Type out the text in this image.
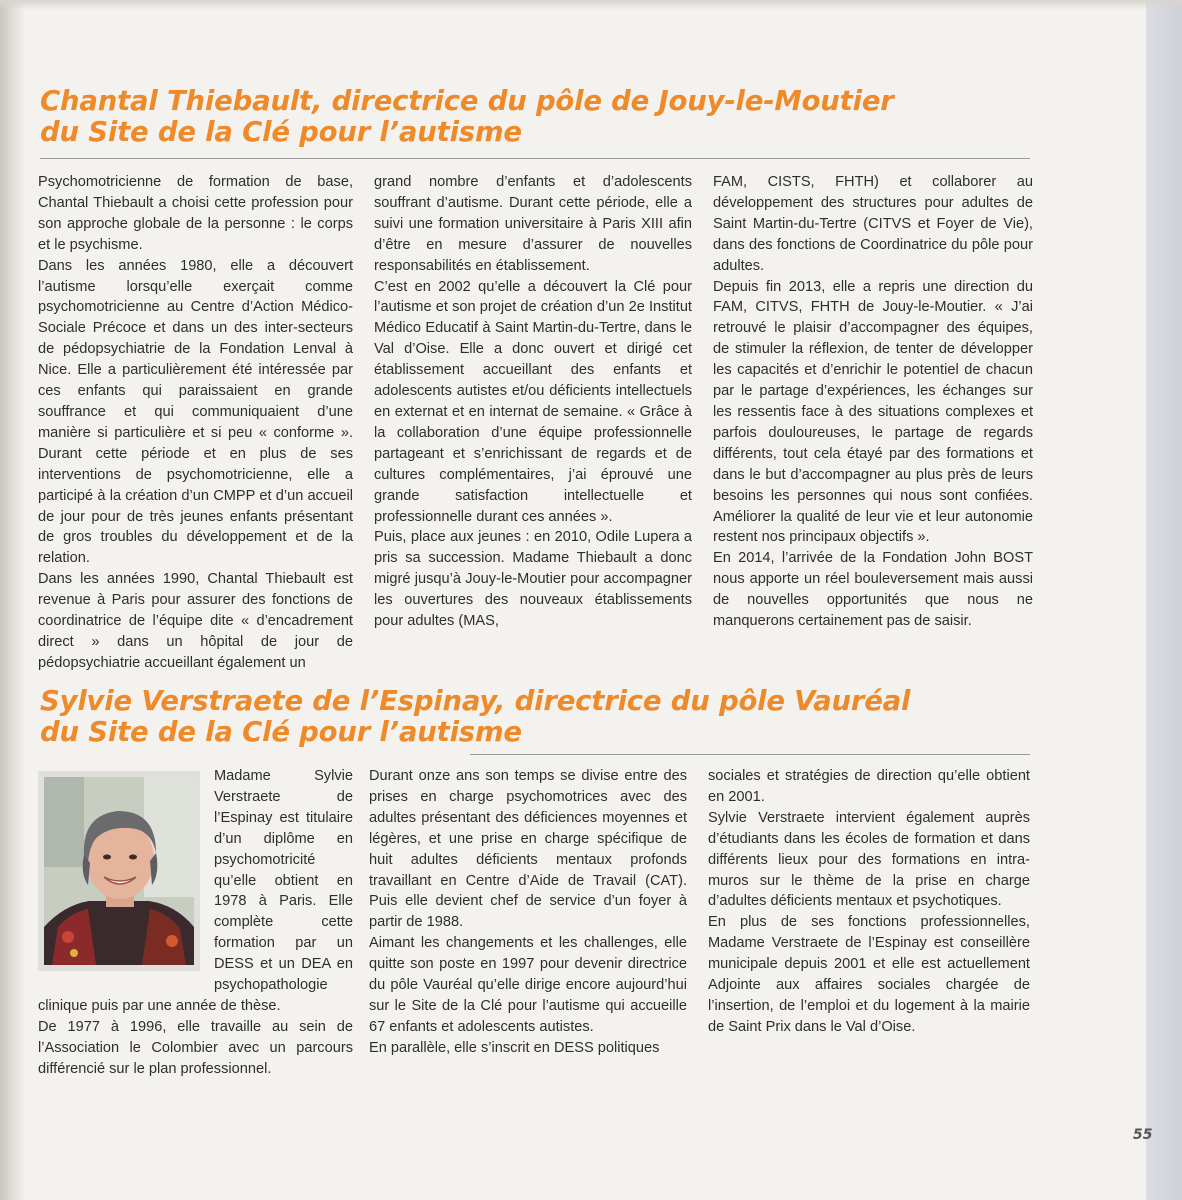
Chantal Thiebault, directrice du pôle de Jouy-le-Moutier
du Site de la Clé pour l’autisme

Psychomotricienne de formation de base, Chantal Thiebault a choisi cette profession pour son approche globale de la personne : le corps et le psychisme.

Dans les années 1980, elle a découvert l’autisme lorsqu’elle exerçait comme psychomotricienne au Centre d’Action Médico-Sociale Précoce et dans un des inter-secteurs de pédopsychiatrie de la Fondation Lenval à Nice. Elle a particulièrement été intéressée par ces enfants qui paraissaient en grande souffrance et qui communiquaient d’une manière si particulière et si peu « conforme ». Durant cette période et en plus de ses interventions de psychomotricienne, elle a participé à la création d’un CMPP et d’un accueil de jour pour de très jeunes enfants présentant de gros troubles du développement et de la relation.

Dans les années 1990, Chantal Thiebault est revenue à Paris pour assurer des fonctions de coordinatrice de l’équipe dite « d’encadrement direct » dans un hôpital de jour de pédopsychiatrie accueillant également un

grand nombre d’enfants et d’adolescents souffrant d’autisme. Durant cette période, elle a suivi une formation universitaire à Paris XIII afin d’être en mesure d’assurer de nouvelles responsabilités en établissement.

C’est en 2002 qu’elle a découvert la Clé pour l’autisme et son projet de création d’un 2e Institut Médico Educatif à Saint Martin-du-Tertre, dans le Val d’Oise. Elle a donc ouvert et dirigé cet établissement accueillant des enfants et adolescents autistes et/ou déficients intellectuels en externat et en internat de semaine. « Grâce à la collaboration d’une équipe professionnelle partageant et s’enrichissant de regards et de cultures complémentaires, j’ai éprouvé une grande satisfaction intellectuelle et professionnelle durant ces années ».

Puis, place aux jeunes : en 2010, Odile Lupera a pris sa succession. Madame Thiebault a donc migré jusqu’à Jouy-le-Moutier pour accompagner les ouvertures des nouveaux établissements pour adultes (MAS,

FAM, CISTS, FHTH) et collaborer au développement des structures pour adultes de Saint Martin-du-Tertre (CITVS et Foyer de Vie), dans des fonctions de Coordinatrice du pôle pour adultes.

Depuis fin 2013, elle a repris une direction du FAM, CITVS, FHTH de Jouy-le-Moutier. « J’ai retrouvé le plaisir d’accompagner des équipes, de stimuler la réflexion, de tenter de développer les capacités et d’enrichir le potentiel de chacun par le partage d’expériences, les échanges sur les ressentis face à des situations complexes et parfois douloureuses, le partage de regards différents, tout cela étayé par des formations et dans le but d’accompagner au plus près de leurs besoins les personnes qui nous sont confiées. Améliorer la qualité de leur vie et leur autonomie restent nos principaux objectifs ».

En 2014, l’arrivée de la Fondation John BOST nous apporte un réel bouleversement mais aussi de nouvelles opportunités que nous ne manquerons certainement pas de saisir.

Sylvie Verstraete de l’Espinay, directrice du pôle Vauréal
du Site de la Clé pour l’autisme

Madame Sylvie Verstraete de l’Espinay est titulaire d’un diplôme en psychomotricité qu’elle obtient en 1978 à Paris. Elle complète cette formation par un DESS et un DEA en psychopathologie clinique puis par une année de thèse.

De 1977 à 1996, elle travaille au sein de l’Association le Colombier avec un parcours différencié sur le plan professionnel.

Durant onze ans son temps se divise entre des prises en charge psychomotrices avec des adultes présentant des déficiences moyennes et légères, et une prise en charge spécifique de huit adultes déficients mentaux profonds travaillant en Centre d’Aide de Travail (CAT). Puis elle devient chef de service d’un foyer à partir de 1988.

Aimant les changements et les challenges, elle quitte son poste en 1997 pour devenir directrice du pôle Vauréal qu’elle dirige encore aujourd’hui sur le Site de la Clé pour l’autisme qui accueille 67 enfants et adolescents autistes.

En parallèle, elle s’inscrit en DESS politiques

sociales et stratégies de direction qu’elle obtient en 2001.

Sylvie Verstraete intervient également auprès d’étudiants dans les écoles de formation et dans différents lieux pour des formations en intra-muros sur le thème de la prise en charge d’adultes déficients mentaux et psychotiques.

En plus de ses fonctions professionnelles, Madame Verstraete de l’Espinay est conseillère municipale depuis 2001 et elle est actuellement Adjointe aux affaires sociales chargée de l’insertion, de l’emploi et du logement à la mairie de Saint Prix dans le Val d’Oise.

55
